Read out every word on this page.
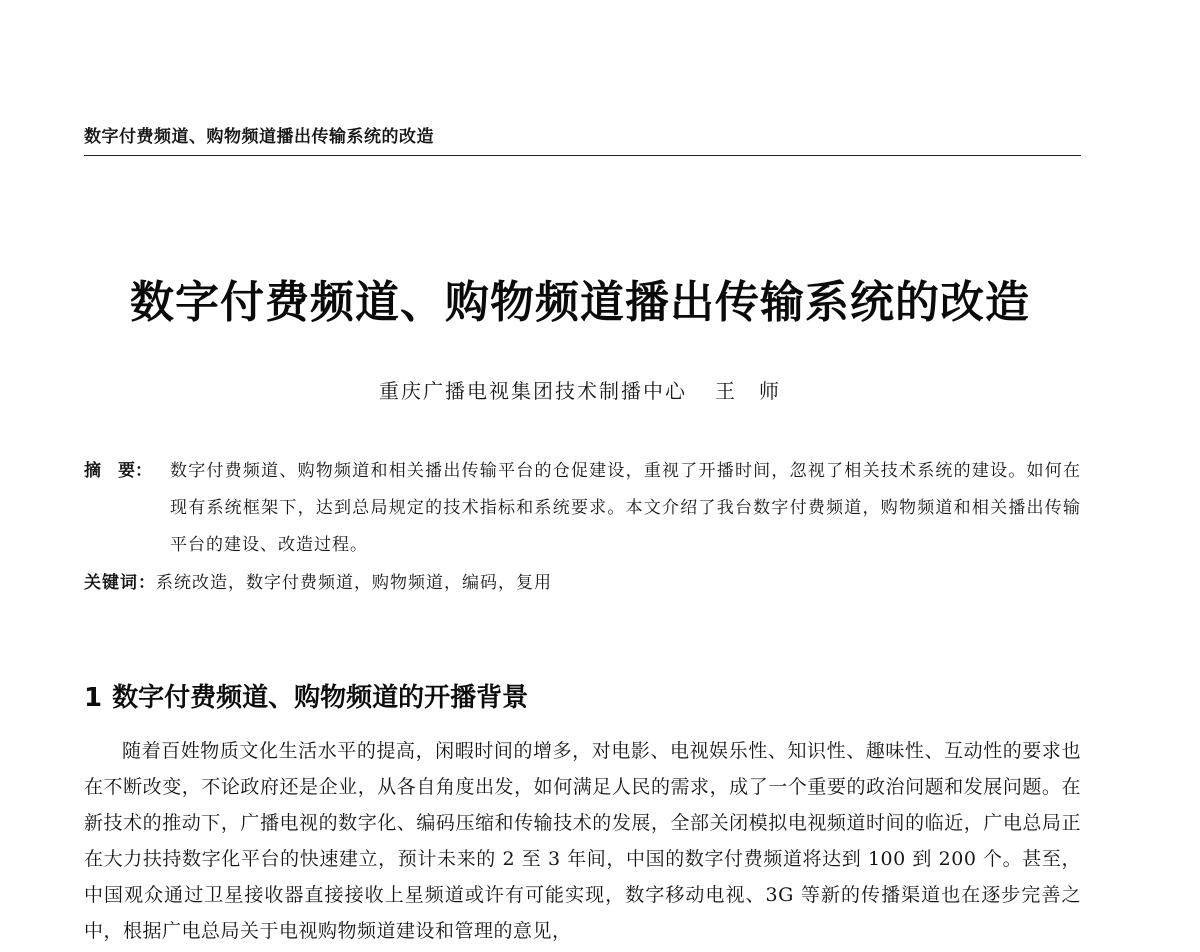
数字付费频道、购物频道播出传输系统的改造
数字付费频道、购物频道播出传输系统的改造
重庆广播电视集团技术制播中心 王　师
摘　要：	数字付费频道、购物频道和相关播出传输平台的仓促建设，重视了开播时间，忽视了相关技术系统的建设。如何在现有系统框架下，达到总局规定的技术指标和系统要求。本文介绍了我台数字付费频道，购物频道和相关播出传输平台的建设、改造过程。
关键词：系统改造，数字付费频道，购物频道，编码，复用
1 数字付费频道、购物频道的开播背景
随着百姓物质文化生活水平的提高，闲暇时间的增多，对电影、电视娱乐性、知识性、趣味性、互动性的要求也在不断改变，不论政府还是企业，从各自角度出发，如何满足人民的需求，成了一个重要的政治问题和发展问题。在新技术的推动下，广播电视的数字化、编码压缩和传输技术的发展，全部关闭模拟电视频道时间的临近，广电总局正在大力扶持数字化平台的快速建立，预计未来的 2 至 3 年间，中国的数字付费频道将达到 100 到 200 个。甚至，中国观众通过卫星接收器直接接收上星频道或许有可能实现，数字移动电视、3G 等新的传播渠道也在逐步完善之中，根据广电总局关于电视购物频道建设和管理的意见，
